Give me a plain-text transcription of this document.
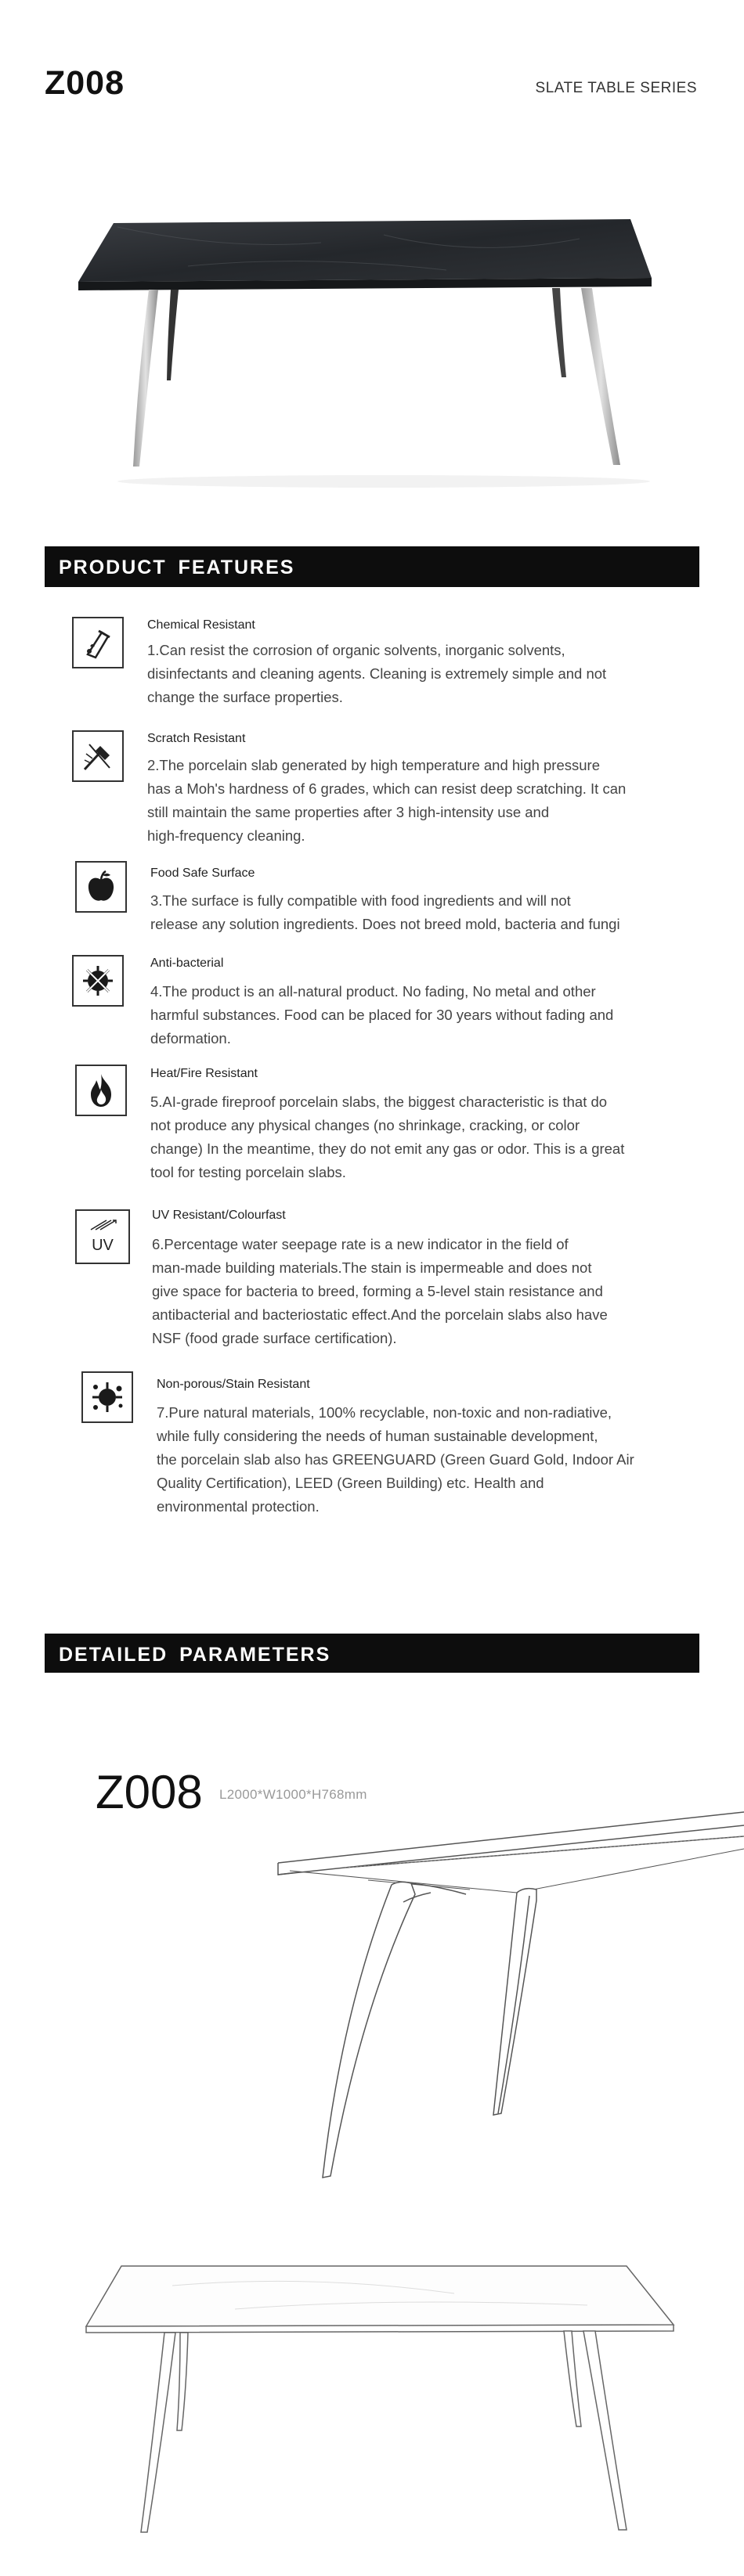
Z008	SLATE TABLE SERIES
PRODUCT FEATURES
Chemical Resistant
1.Can resist the corrosion of organic solvents, inorganic solvents,
disinfectants and cleaning agents. Cleaning is extremely simple and not
change the surface properties.
Scratch Resistant
2.The porcelain slab generated by high temperature and high pressure
has a Moh's hardness of 6 grades, which can resist deep scratching. It can
still maintain the same properties after 3 high-intensity use and
high-frequency cleaning.
Food Safe Surface
3.The surface is fully compatible with food ingredients and will not
release any solution ingredients. Does not breed mold, bacteria and fungi
Anti-bacterial
4.The product is an all-natural product. No fading, No metal and other
harmful substances. Food can be placed for 30 years without fading and
deformation.
Heat/Fire Resistant
5.AI-grade fireproof porcelain slabs, the biggest characteristic is that do
not produce any physical changes (no shrinkage, cracking, or color
change) In the meantime, they do not emit any gas or odor. This is a great
tool for testing porcelain slabs.
UV
UV Resistant/Colourfast
6.Percentage water seepage rate is a new indicator in the field of
man-made building materials.The stain is impermeable and does not
give space for bacteria to breed, forming a 5-level stain resistance and
antibacterial and bacteriostatic effect.And the porcelain slabs also have
NSF (food grade surface certification).
Non-porous/Stain Resistant
7.Pure natural materials, 100% recyclable, non-toxic and non-radiative,
while fully considering the needs of human sustainable development,
the porcelain slab also has GREENGUARD (Green Guard Gold, Indoor Air
Quality Certification), LEED (Green Building) etc. Health and
environmental protection.
DETAILED PARAMETERS
Z008 L2000*W1000*H768mm
